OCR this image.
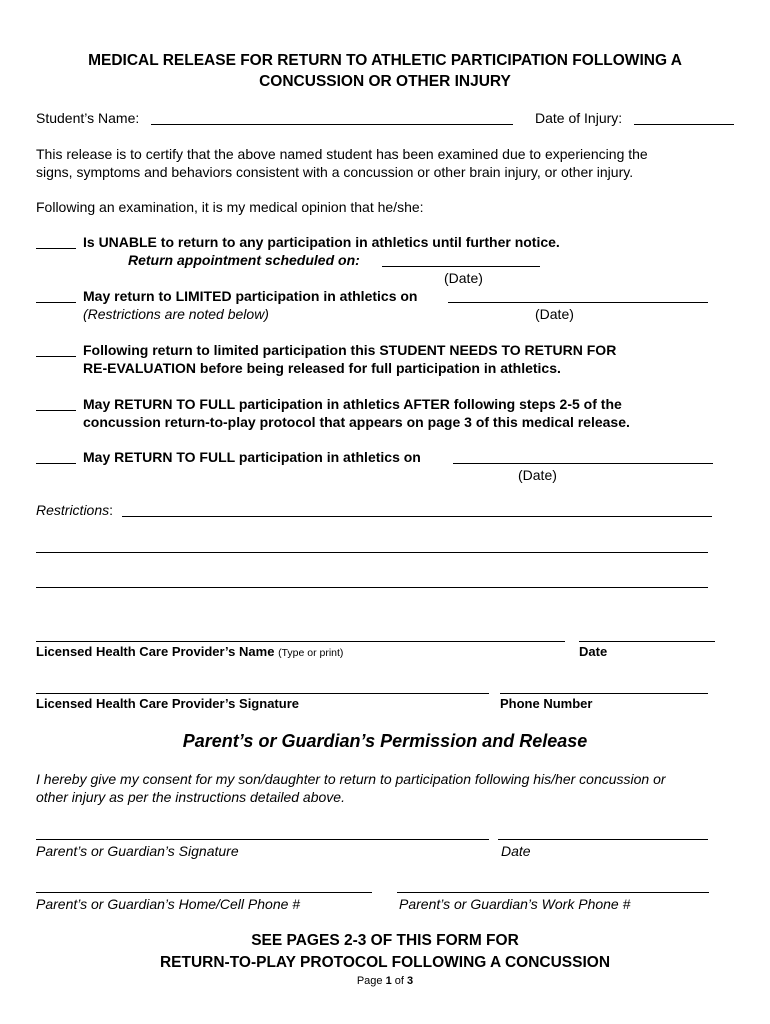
MEDICAL RELEASE FOR RETURN TO ATHLETIC PARTICIPATION FOLLOWING A
CONCUSSION OR OTHER INJURY
Student’s Name:	Date of Injury:
This release is to certify that the above named student has been examined due to experiencing the
signs, symptoms and behaviors consistent with a concussion or other brain injury, or other injury.
Following an examination, it is my medical opinion that he/she:
Is UNABLE to return to any participation in athletics until further notice.
Return appointment scheduled on:
(Date)
May return to LIMITED participation in athletics on
(Restrictions are noted below)	(Date)
Following return to limited participation this STUDENT NEEDS TO RETURN FOR
RE-EVALUATION before being released for full participation in athletics.
May RETURN TO FULL participation in athletics AFTER following steps 2-5 of the
concussion return-to-play protocol that appears on page 3 of this medical release.
May RETURN TO FULL participation in athletics on
(Date)
Restrictions:
Licensed Health Care Provider’s Name (Type or print)	Date
Licensed Health Care Provider’s Signature	Phone Number
Parent’s or Guardian’s Permission and Release
I hereby give my consent for my son/daughter to return to participation following his/her concussion or
other injury as per the instructions detailed above.
Parent’s or Guardian’s Signature	Date
Parent’s or Guardian’s Home/Cell Phone #	Parent’s or Guardian’s Work Phone #
SEE PAGES 2-3 OF THIS FORM FOR
RETURN-TO-PLAY PROTOCOL FOLLOWING A CONCUSSION
Page 1 of 3
